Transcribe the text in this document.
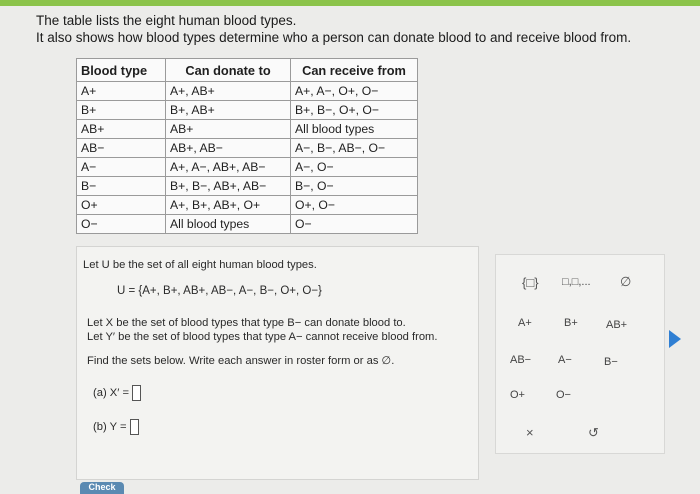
The table lists the eight human blood types.
It also shows how blood types determine who a person can donate blood to and receive blood from.
Blood type	Can donate to	Can receive from
A+	A+, AB+	A+, A−, O+, O−
B+	B+, AB+	B+, B−, O+, O−
AB+	AB+	All blood types
AB−	AB+, AB−	A−, B−, AB−, O−
A−	A+, A−, AB+, AB−	A−, O−
B−	B+, B−, AB+, AB−	B−, O−
O+	A+, B+, AB+, O+	O+, O−
O−	All blood types	O−
Let U be the set of all eight human blood types.
U = {A+, B+, AB+, AB−, A−, B−, O+, O−}
Let X be the set of blood types that type B− can donate blood to.
Let Y′ be the set of blood types that type A− cannot receive blood from.
Find the sets below. Write each answer in roster form or as ∅.
(a) X′ =
(b) Y =
Check
{□} □,□,... ∅
A+	B+	AB+
AB− A−	B−
O+	O−
×	↺
